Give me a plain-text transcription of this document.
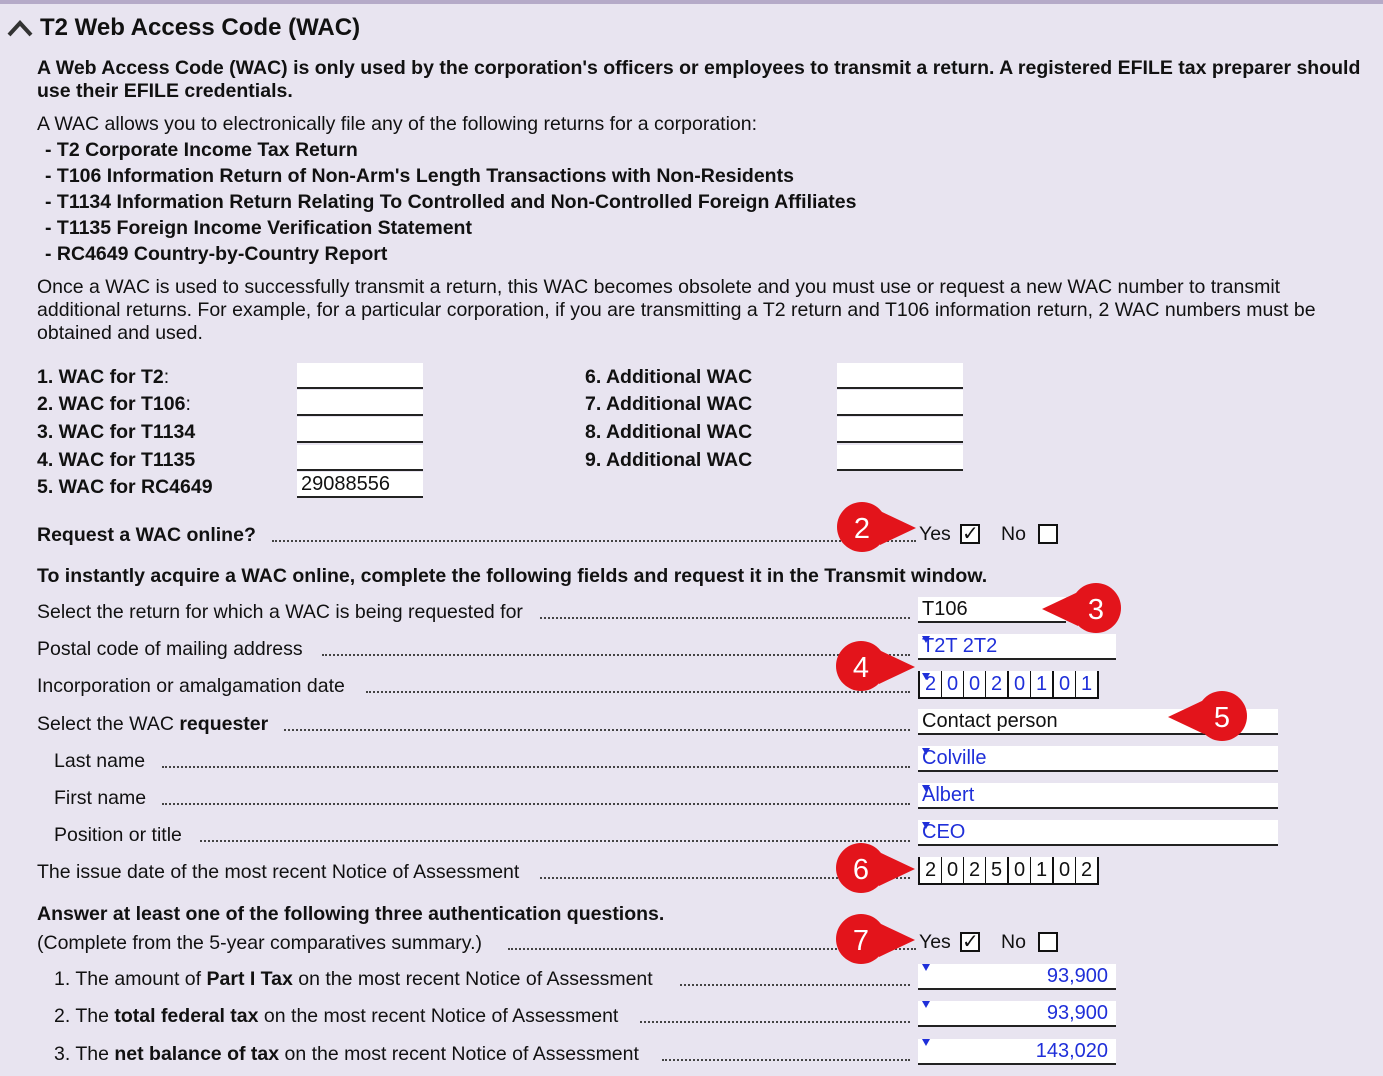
T2 Web Access Code (WAC)
A Web Access Code (WAC) is only used by the corporation's officers or employees to transmit a return. A registered EFILE tax preparer should use their EFILE credentials.
A WAC allows you to electronically file any of the following returns for a corporation:
- T2 Corporate Income Tax Return
- T106 Information Return of Non-Arm's Length Transactions with Non-Residents
- T1134 Information Return Relating To Controlled and Non-Controlled Foreign Affiliates
- T1135 Foreign Income Verification Statement
- RC4649 Country-by-Country Report
Once a WAC is used to successfully transmit a return, this WAC becomes obsolete and you must use or request a new WAC number to transmit
additional returns. For example, for a particular corporation, if you are transmitting a T2 return and T106 information return, 2 WAC numbers must be
obtained and used.
1. WAC for T2:
2. WAC for T106:
3. WAC for T1134
4. WAC for T1135
5. WAC for RC4649	29088556
6. Additional WAC
7. Additional WAC
8. Additional WAC
9. Additional WAC
Request a WAC online?	Yes ✓ No
To instantly acquire a WAC online, complete the following fields and request it in the Transmit window.
Select the return for which a WAC is being requested for	T106
Postal code of mailing address	T2T 2T2
Incorporation or amalgamation date	2 0 0 2 0 1 0 1
Select the WAC requester	Contact person
Last name	Colville
First name	Albert
Position or title	CEO
The issue date of the most recent Notice of Assessment	2 0 2 5 0 1 0 2
Answer at least one of the following three authentication questions.
(Complete from the 5-year comparatives summary.)	Yes ✓ No
1. The amount of Part I Tax on the most recent Notice of Assessment	93,900
2. The total federal tax on the most recent Notice of Assessment	93,900
3. The net balance of tax on the most recent Notice of Assessment	143,020
2
3
4
5
6
7
